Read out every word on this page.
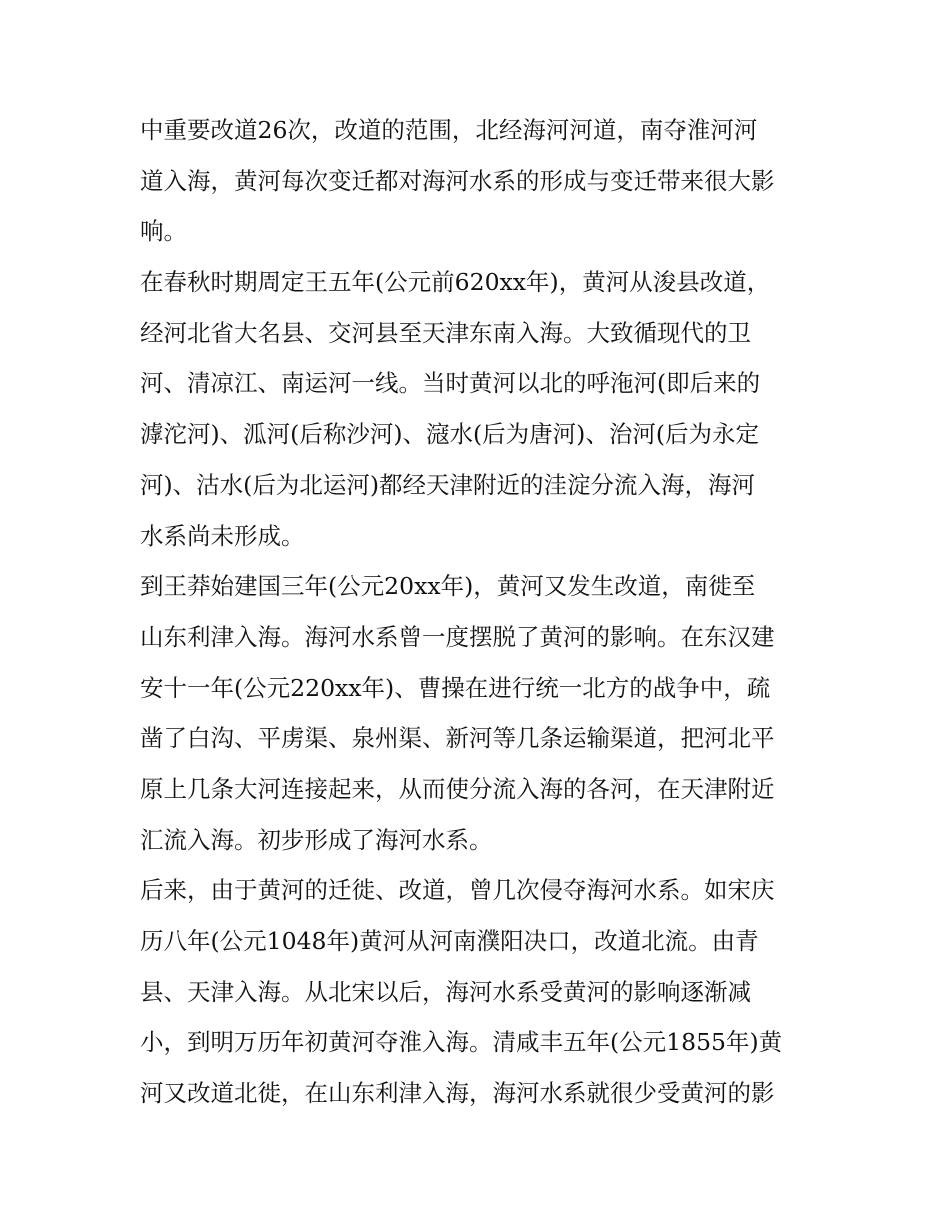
中重要改道26次，改道的范围，北经海河河道，南夺淮河河
道入海，黄河每次变迁都对海河水系的形成与变迁带来很大影
响。
在春秋时期周定王五年(公元前620xx年)，黄河从浚县改道，
经河北省大名县、交河县至天津东南入海。大致循现代的卫
河、清凉江、南运河一线。当时黄河以北的呼沲河(即后来的
滹沱河)、泒河(后称沙河)、滱水(后为唐河)、治河(后为永定
河)、沽水(后为北运河)都经天津附近的洼淀分流入海，海河
水系尚未形成。
到王莽始建国三年(公元20xx年)，黄河又发生改道，南徙至
山东利津入海。海河水系曾一度摆脱了黄河的影响。在东汉建
安十一年(公元220xx年)、曹操在进行统一北方的战争中，疏
凿了白沟、平虏渠、泉州渠、新河等几条运输渠道，把河北平
原上几条大河连接起来，从而使分流入海的各河，在天津附近
汇流入海。初步形成了海河水系。
后来，由于黄河的迁徙、改道，曾几次侵夺海河水系。如宋庆
历八年(公元1048年)黄河从河南濮阳决口，改道北流。由青
县、天津入海。从北宋以后，海河水系受黄河的影响逐渐减
小，到明万历年初黄河夺淮入海。清咸丰五年(公元1855年)黄
河又改道北徙，在山东利津入海，海河水系就很少受黄河的影
